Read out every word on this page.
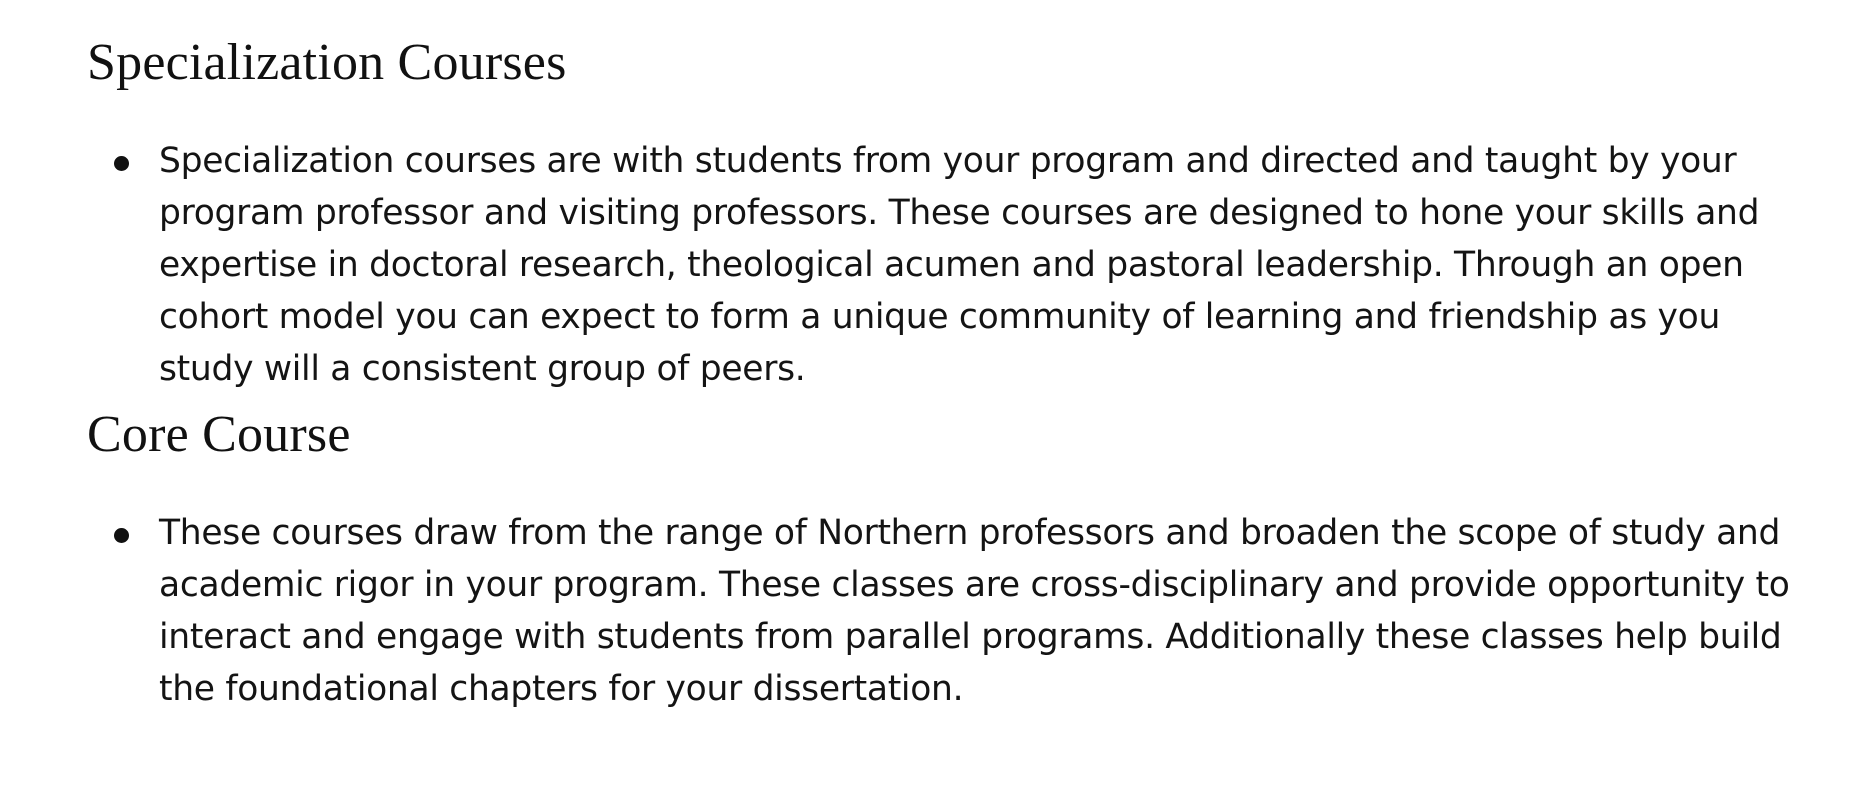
Specialization Courses
Specialization courses are with students from your program and directed and taught by your program professor and visiting professors. These courses are designed to hone your skills and expertise in doctoral research, theological acumen and pastoral leadership. Through an open cohort model you can expect to form a unique community of learning and friendship as you study will a consistent group of peers.
Core Course
These courses draw from the range of Northern professors and broaden the scope of study and academic rigor in your program. These classes are cross-disciplinary and provide opportunity to interact and engage with students from parallel programs. Additionally these classes help build the foundational chapters for your dissertation.
